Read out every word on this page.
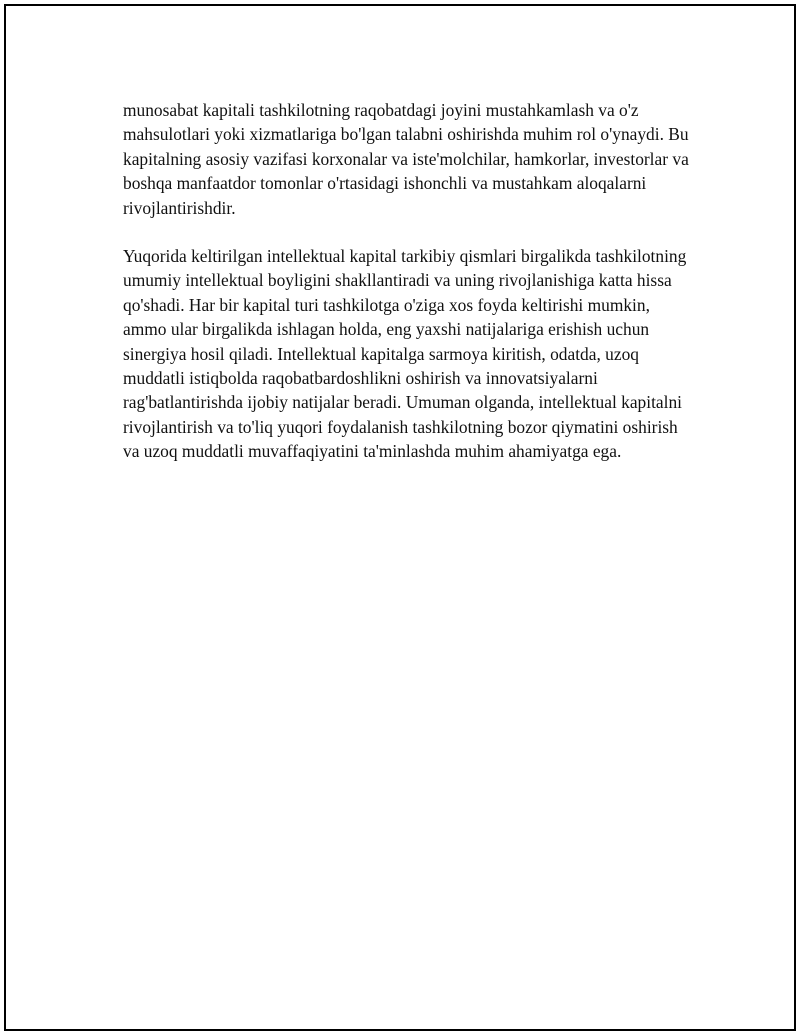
munosabat kapitali tashkilotning raqobatdagi joyini mustahkamlash va o'z mahsulotlari yoki xizmatlariga bo'lgan talabni oshirishda muhim rol o'ynaydi. Bu kapitalning asosiy vazifasi korxonalar va iste'molchilar, hamkorlar, investorlar va boshqa manfaatdor tomonlar o'rtasidagi ishonchli va mustahkam aloqalarni rivojlantirishdir.

Yuqorida keltirilgan intellektual kapital tarkibiy qismlari birgalikda tashkilotning umumiy intellektual boyligini shakllantiradi va uning rivojlanishiga katta hissa qo'shadi. Har bir kapital turi tashkilotga o'ziga xos foyda keltirishi mumkin, ammo ular birgalikda ishlagan holda, eng yaxshi natijalariga erishish uchun sinergiya hosil qiladi. Intellektual kapitalga sarmoya kiritish, odatda, uzoq muddatli istiqbolda raqobatbardoshlikni oshirish va innovatsiyalarni rag'batlantirishda ijobiy natijalar beradi. Umuman olganda, intellektual kapitalni rivojlantirish va to'liq yuqori foydalanish tashkilotning bozor qiymatini oshirish va uzoq muddatli muvaffaqiyatini ta'minlashda muhim ahamiyatga ega.
